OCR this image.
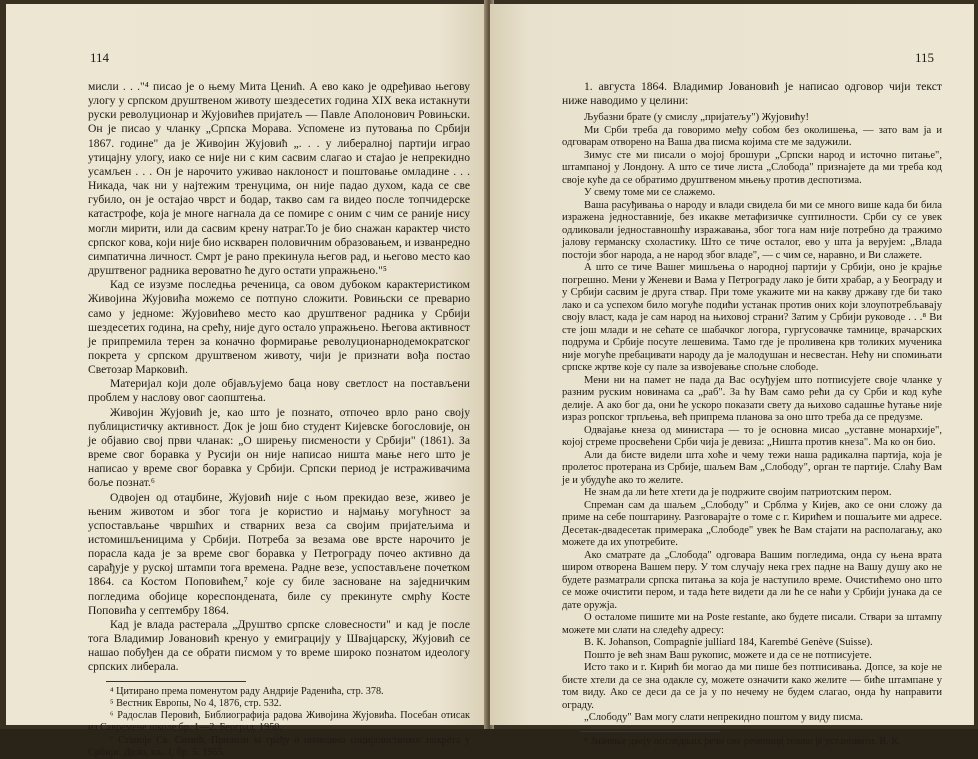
114

мисли . . ."⁴ писао је о њему Мита Ценић. А ево како је одређивао његову улогу у српском друштвеном животу шездесетих година XIX века истакнути руски револуционар и Жујовићев пријатељ — Павле Аполонович Ровињски. Он је писао у чланку „Српска Морава. Успомене из путовања по Србији 1867. године" да је Живојин Жујовић „. . . у либералној партији играо утицајну улогу, иако се није ни с ким сасвим слагао и стајао је непрекидно усамљен . . . Он је нарочито уживао наклоност и поштовање омладине . . . Никада, чак ни у најтежим тренуцима, он није падао духом, када се све губило, он је остајао чврст и бодар, такво сам га видео после топчидерске катастрофе, која је многе нагнала да се помире с оним с чим се раније нису могли мирити, или да сасвим крену натраг.То је био снажан карактер чисто српског кова, који није био искварен половичним образовањем, и изванредно симпатична личност. Смрт је рано прекинула његов рад, и његово место као друштвеног радника вероватно ће дуго остати упражњено."⁵

Кад се изузме последња реченица, са овом дубоком карактеристиком Живојина Жујовића можемо се потпуно сложити. Ровињски се преварио само у једноме: Жујовићево место као друштвеног радника у Србији шездесетих година, на срећу, није дуго остало упражњено. Његова активност је припремила терен за коначно формирање револуционарнодемократског покрета у српском друштвеном животу, чији је признати вођа постао Светозар Марковић.

Материјал који доле објављујемо баца нову светлост на постављени проблем у наслову овог саопштења.

Живојин Жујовић је, као што је познато, отпочео врло рано своју публицистичку активност. Док је још био студент Кијевске богословије, он је објавио свој први чланак: „О ширењу писмености у Србији" (1861). За време свог боравка у Русији он није написао ништа мање него што је написао у време свог боравка у Србији. Српски период је истраживачима боље познат.⁶

Одвојен од отаџбине, Жујовић није с њом прекидао везе, живео је њеним животом и због тога је користио и најмању могућност за успостављање чвршћих и стварних веза са својим пријатељима и истомишљеницима у Србији. Потреба за везама ове врсте нарочито је порасла када је за време свог боравка у Петрограду почео активно да сарађује у руској штампи тога времена. Радне везе, успостављене почетком 1864. са Костом Поповићем,⁷ које су биле засноване на заједничким погледима обојице кореспондената, биле су прекинуте смрћу Косте Поповића у септембру 1864.

Кад је влада растерала „Друштво српске словесности" и кад је после тога Владимир Јовановић кренуо у емиграцију у Швајцарску, Жујовић се нашао побуђен да се обрати писмом у то време широко познатом идеологу српских либерала.

⁴ Цитирано према поменутом раду Андрије Раденића, стр. 378.

⁵ Вестник Европы, No 4, 1876, стр. 532.

⁶ Радослав Перовић, Библиографија радова Живојина Жујовића. Посебан отисак из Савремене школе бр. 1—2. Београд, 1950.

⁷ Станоје Св. Симић, Прилози за грађу о почецима социјалистичког покрета у Србији. Дело, књ. I, бр. 5, 1955.

115

1. августа 1864. Владимир Јовановић је написао одговор чији текст ниже наводимо у целини:

Љубазни брате (у смислу „пријатељу") Жујовићу!

Ми Срби треба да говоримо међу собом без околишења, — зато вам ја и одговарам отворено на Ваша два писма којима сте ме задужили.

Зимус сте ми писали о мојој брошури „Српски народ и источно питање", штампаној у Лондону. А што се тиче листа „Слобода" признајете да ми треба код своје куће да се обратимо друштвеном мњењу против деспотизма.

У свему томе ми се слажемо.

Ваша расуђивања о народу и влади свидела би ми се много више када би била изражена једноставније, без икакве метафизичке суптилности. Срби су се увек одликовали једноставношћу изражавања, због тога нам није потребно да тражимо јалову германску схоластику. Што се тиче осталог, ево у шта ја верујем: „Влада постоји због народа, а не народ због владе", — с чим се, наравно, и Ви слажете.

А што се тиче Вашег мишљења о народној партији у Србији, оно је крајње погрешно. Мени у Женеви и Вама у Петрограду лако је бити храбар, а у Београду и у Србији сасвим је друга ствар. При томе укажите ми на какву државу где би тако лако и са успехом било могуће подићи устанак против оних који злоупотребљавају своју власт, када је сам народ на њиховој страни? Затим у Србији руководе . . .⁸ Ви сте још млади и не сећате се шабачког логора, гургусовачке тамнице, врачарских подрума и Србије посуте лешевима. Тамо где је проливена крв толиких мученика није могуће пребацивати народу да је малодушан и несвестан. Нећу ни спомињати српске жртве које су пале за извојевање спољне слободе.

Мени ни на памет не пада да Вас осуђујем што потписујете своје чланке у разним руским новинама са „раб". За ћу Вам само рећи да су Срби и код куће делије. А ако бог да, они ће ускоро показати свету да њихово садашње ћутање није израз ропског трпљења, већ припрема планова за оно што треба да се предузме.

Одвајање кнеза од министара — то је основна мисао „уставне монархије", којој стреме просвећени Срби чија је девиза: „Ништа против кнеза". Ма ко он био.

Али да бисте видели шта хоће и чему тежи наша радикална партија, која је пролетос протерана из Србије, шаљем Вам „Слободу", орган те партије. Слаћу Вам је и убудуће ако то желите.

Не знам да ли ћете хтети да је подржите својим патриотским пером.

Спреман сам да шаљем „Слободу" и Срблма у Кијев, ако се они сложу да приме на себе поштарину. Разговарајте о томе с г. Кирићем и пошаљите ми адресе. Десетак-двадесетак примерака „Слободе" увек ће Вам стајати на располагању, ако можете да их употребите.

Ако сматрате да „Слобода" одговара Вашим погледима, онда су њена врата широм отворена Вашем перу. У том случају нека грех падне на Вашу душу ако не будете разматрали српска питања за која је наступило време. Очистићемо оно што се може очистити пером, и тада ћете видети да ли ће се наћи у Србији јунака да се дате оружја.

О осталоме пишите ми на Poste restante, ако будете писали. Ствари за штампу можете ми слати на следећу адресу:

В. К. Johanson, Compagnie julliard 184, Karembé Genève (Suisse).

Пошто је већ знам Ваш рукопис, можете и да се не потписујете.

Исто тако и г. Кирић би могао да ми пише без потписивања. Допсе, за које не бисте хтели да се зна одакле су, можете означити како желите — биће штампане у том виду. Ако се деси да се ја у по нечему не будем слагао, онда ћу направити ограду.

„Слободу" Вам могу слати непрекидно поштом у виду писма.

⁸ Значење двеју последњих речи ове реченице тешко је установити. В. К.
